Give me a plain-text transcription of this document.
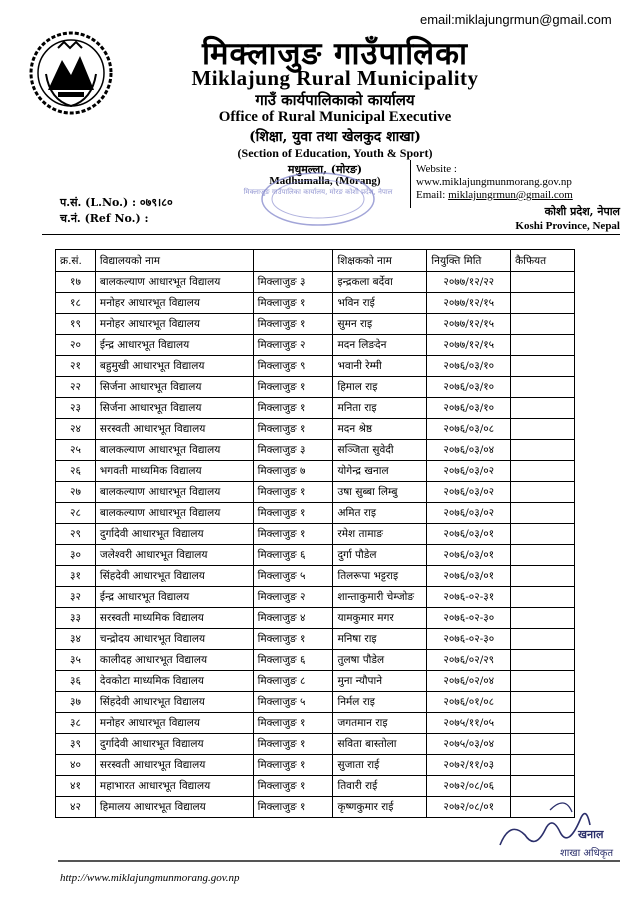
email:miklajungrmun@gmail.com
मिक्लाजुङ गाउँपालिका
Miklajung Rural Municipality
गाउँ कार्यपालिकाको कार्यालय
Office of Rural Municipal Executive
(शिक्षा, युवा तथा खेलकुद शाखा)
(Section of Education, Youth & Sport)
मधुमल्ला, (मोरङ)
Madhumalla, (Morang)
मिक्लाजुङ गाउँपालिका कार्यालय, मोरङ कोशी प्रदेश, नेपाल
Website :
www.miklajungmunmorang.gov.np
Email: miklajungrmun@gmail.com
कोशी प्रदेश, नेपाल
Koshi Province, Nepal
प.सं. (L.No.) : ०७९।८०
च.नं. (Ref No.) :
क्र.सं.	विद्यालयको नाम		शिक्षकको नाम	नियुक्ति मिति	कैफियत
१७	बालकल्याण आधारभूत विद्यालय	मिक्लाजुङ ३	इन्द्रकला बर्देवा	२०७७/१२/२२	
१८	मनोहर आधारभूत विद्यालय	मिक्लाजुङ १	भविन राई	२०७७/१२/१५	
१९	मनोहर आधारभूत विद्यालय	मिक्लाजुङ १	सुमन राइ	२०७७/१२/१५	
२०	ईन्द्र आधारभूत विद्यालय	मिक्लाजुङ २	मदन लिङदेन	२०७७/१२/१५	
२१	बहुमुखी आधारभूत विद्यालय	मिक्लाजुङ ९	भवानी रेम्मी	२०७६/०३/१०	
२२	सिर्जना आधारभूत विद्यालय	मिक्लाजुङ १	हिमाल राइ	२०७६/०३/१०	
२३	सिर्जना आधारभूत विद्यालय	मिक्लाजुङ १	मनिता राइ	२०७६/०३/१०	
२४	सरस्वती आधारभूत विद्यालय	मिक्लाजुङ १	मदन श्रेष्ठ	२०७६/०३/०८	
२५	बालकल्याण आधारभूत विद्यालय	मिक्लाजुङ ३	सञ्जिता सुवेदी	२०७६/०३/०४	
२६	भगवती माध्यमिक विद्यालय	मिक्लाजुङ ७	योगेन्द्र खनाल	२०७६/०३/०२	
२७	बालकल्याण आधारभूत विद्यालय	मिक्लाजुङ १	उषा सुब्बा लिम्बु	२०७६/०३/०२	
२८	बालकल्याण आधारभूत विद्यालय	मिक्लाजुङ १	अमित राइ	२०७६/०३/०२	
२९	दुर्गादेवी आधारभूत विद्यालय	मिक्लाजुङ १	रमेश तामाङ	२०७६/०३/०१	
३०	जलेश्वरी आधारभूत विद्यालय	मिक्लाजुङ ६	दुर्गा पौडेल	२०७६/०३/०१	
३१	सिंहदेवी आधारभूत विद्यालय	मिक्लाजुङ ५	तिलरूपा भट्टराइ	२०७६/०३/०१	
३२	ईन्द्र आधारभूत विद्यालय	मिक्लाजुङ २	शान्ताकुमारी चेम्जोङ	२०७६-०२-३१	
३३	सरस्वती माध्यमिक विद्यालय	मिक्लाजुङ ४	यामकुमार मगर	२०७६-०२-३०	
३४	चन्द्रोदय आधारभूत विद्यालय	मिक्लाजुङ १	मनिषा राइ	२०७६-०२-३०	
३५	कालीदह आधारभूत विद्यालय	मिक्लाजुङ ६	तुलषा पौडेल	२०७६/०२/२९	
३६	देवकोटा माध्यमिक विद्यालय	मिक्लाजुङ ८	मुना न्यौपाने	२०७६/०२/०४	
३७	सिंहदेवी आधारभूत विद्यालय	मिक्लाजुङ ५	निर्मल राइ	२०७६/०१/०८	
३८	मनोहर आधारभूत विद्यालय	मिक्लाजुङ १	जगतमान राइ	२०७५/११/०५	
३९	दुर्गादेवी आधारभूत विद्यालय	मिक्लाजुङ १	सविता बास्तोला	२०७५/०३/०४	
४०	सरस्वती आधारभूत विद्यालय	मिक्लाजुङ १	सुजाता राई	२०७२/११/०३	
४१	महाभारत आधारभूत विद्यालय	मिक्लाजुङ १	तिवारी राई	२०७२/०८/०६	
४२	हिमालय आधारभूत विद्यालय	मिक्लाजुङ १	कृष्णकुमार राई	२०७२/०८/०१	
खनाल
शाखा अधिकृत
http://www.miklajungmunmorang.gov.np
